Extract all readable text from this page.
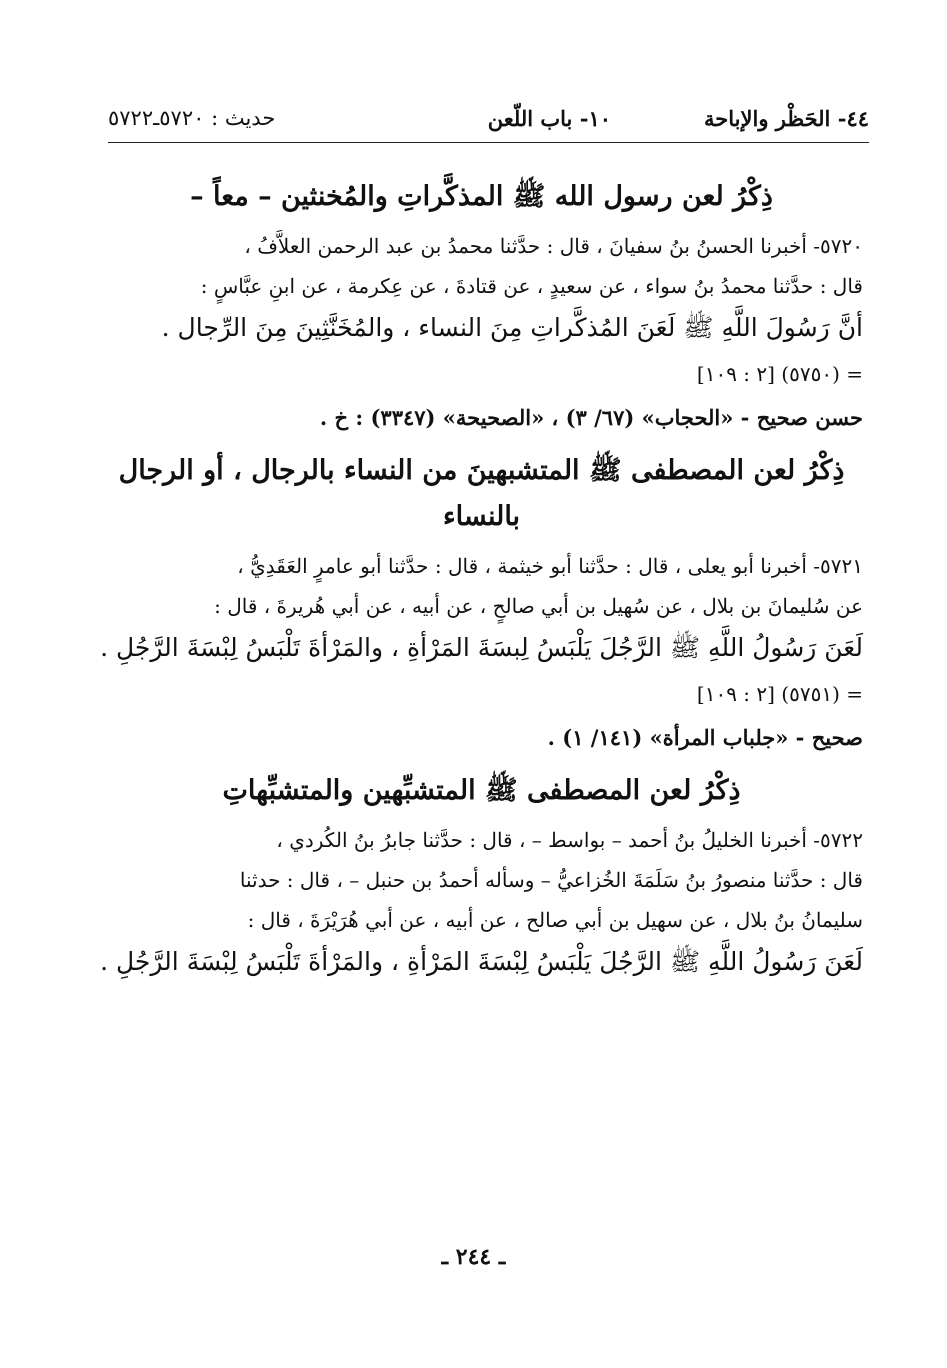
٤٤- الحَظْر والإباحة
١٠- باب اللّعن
حديث : ٥٧٢٠ـ٥٧٢٢
ذِكْرُ لعن رسول الله ﷺ المذكَّراتِ والمُخنثين – معاً –

٥٧٢٠- أخبرنا الحسنُ بنُ سفيانَ ، قال : حدَّثنا محمدُ بن عبد الرحمن العلاَّفُ ،

قال : حدَّثنا محمدُ بنُ سواء ، عن سعيدٍ ، عن قتادةَ ، عن عِكرمة ، عن ابنِ عبَّاسٍ :

أنَّ رَسُولَ اللَّهِ ﷺ لَعَنَ المُذكَّراتِ مِنَ النساء ، والمُخَنَّثِينَ مِنَ الرِّجال .

= (٥٧٥٠) [٢ : ١٠٩]

حسن صحيح - «الحجاب» (٦٧/ ٣) ، «الصحيحة» (٣٣٤٧) : خ .

ذِكْرُ لعن المصطفى ﷺ المتشبهينَ من النساء بالرجال ، أو الرجال بالنساء

٥٧٢١- أخبرنا أبو يعلى ، قال : حدَّثنا أبو خيثمة ، قال : حدَّثنا أبو عامرٍ العَقَدِيُّ ،

عن سُليمانَ بن بلال ، عن سُهيل بن أبي صالحٍ ، عن أبيه ، عن أبي هُريرةَ ، قال :

لَعَنَ رَسُولُ اللَّهِ ﷺ الرَّجُلَ يَلْبَسُ لِبسَةَ المَرْأةِ ، والمَرْأةَ تَلْبَسُ لِبْسَةَ الرَّجُلِ .

= (٥٧٥١) [٢ : ١٠٩]

صحيح - «جلباب المرأة» (١٤١/ ١) .

ذِكْرُ لعن المصطفى ﷺ المتشبِّهين والمتشبِّهاتِ

٥٧٢٢- أخبرنا الخليلُ بنُ أحمد – بواسط – ، قال : حدَّثنا جابرُ بنُ الكُردي ،

قال : حدَّثنا منصورُ بنُ سَلَمَةَ الخُزاعيُّ – وسأله أحمدُ بن حنبل – ، قال : حدثنا

سليمانُ بنُ بلال ، عن سهيل بن أبي صالح ، عن أبيه ، عن أبي هُرَيْرَةَ ، قال :

لَعَنَ رَسُولُ اللَّهِ ﷺ الرَّجُلَ يَلْبَسُ لِبْسَةَ المَرْأةِ ، والمَرْأةَ تَلْبَسُ لِبْسَةَ الرَّجُلِ .

ـ ٢٤٤ ـ
